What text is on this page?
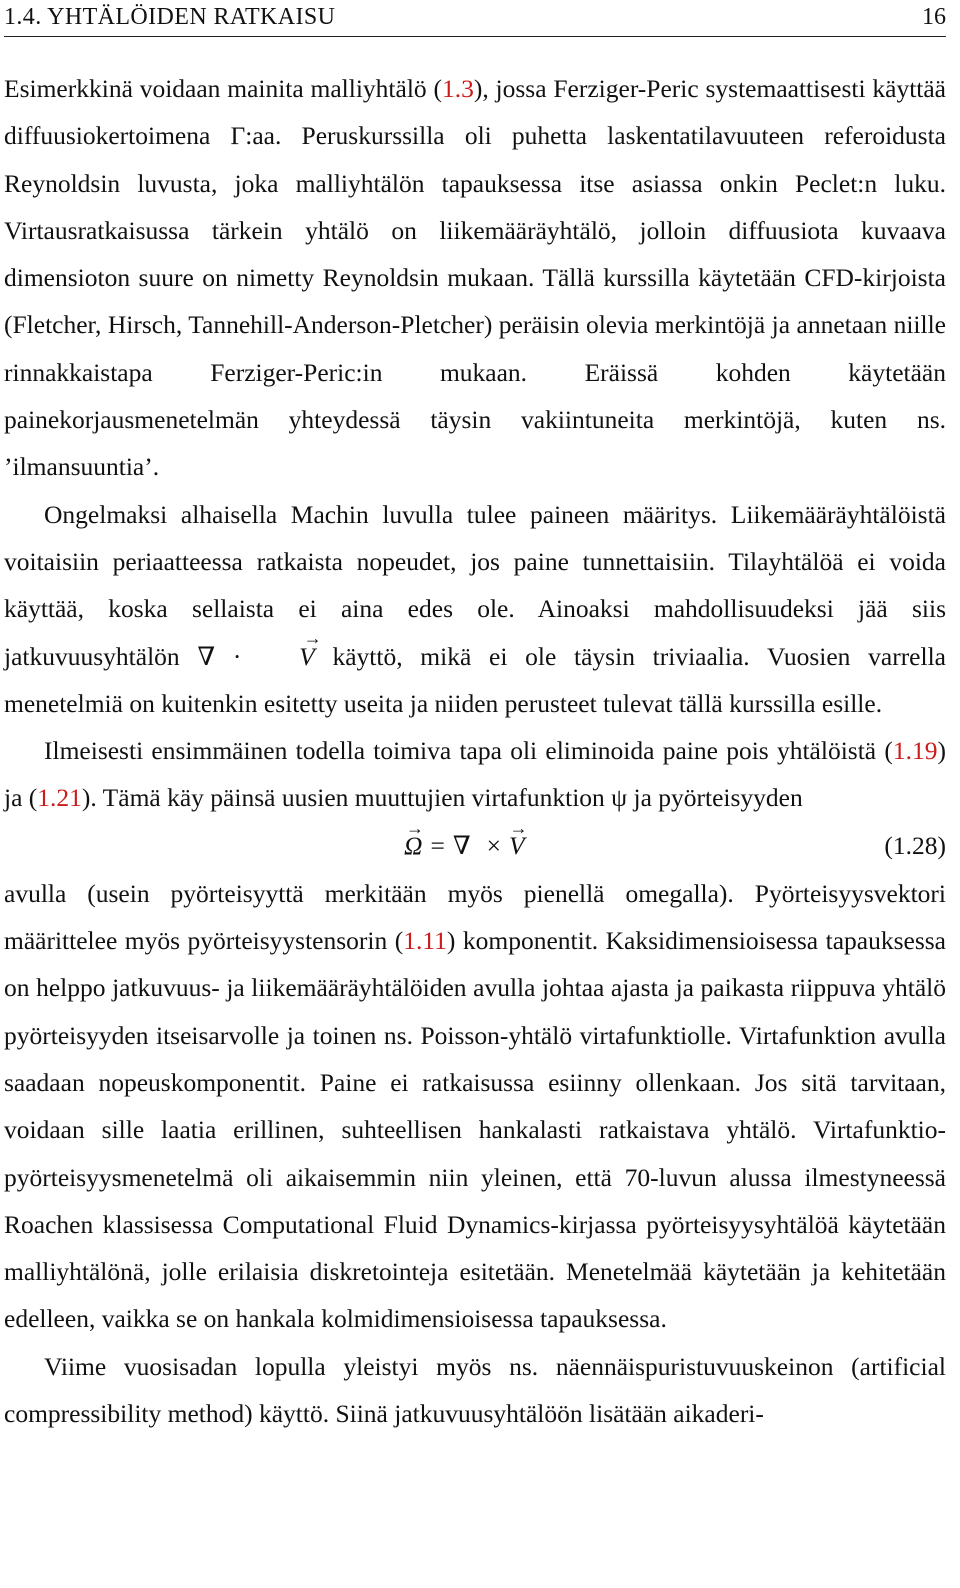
1.4. YHTÄLÖIDEN RATKAISU	16

Esimerkkinä voidaan mainita malliyhtälö (1.3), jossa Ferziger-Peric systemaattisesti käyttää diffuusiokertoimena Γ:aa. Peruskurssilla oli puhetta laskentatilavuuteen referoidusta Reynoldsin luvusta, joka malliyhtälön tapauksessa itse asiassa onkin Peclet:n luku. Virtausratkaisussa tärkein yhtälö on liikemääräyhtälö, jolloin diffuusiota kuvaava dimensioton suure on nimetty Reynoldsin mukaan. Tällä kurssilla käytetään CFD-kirjoista (Fletcher, Hirsch, Tannehill-Anderson-Pletcher) peräisin olevia merkintöjä ja annetaan niille rinnakkaistapa Ferziger-Peric:in mukaan. Eräissä kohden käytetään painekorjausmenetelmän yhteydessä täysin vakiintuneita merkintöjä, kuten ns. ’ilmansuuntia’.

Ongelmaksi alhaisella Machin luvulla tulee paineen määritys. Liikemääräyhtälöistä voitaisiin periaatteessa ratkaista nopeudet, jos paine tunnettaisiin. Tilayhtälöä ei voida käyttää, koska sellaista ei aina edes ole. Ainoaksi mahdollisuudeksi jää siis jatkuvuusyhtälön ∇ · → V käyttö, mikä ei ole täysin triviaalia. Vuosien varrella menetelmiä on kuitenkin esitetty useita ja niiden perusteet tulevat tällä kurssilla esille.

Ilmeisesti ensimmäinen todella toimiva tapa oli eliminoida paine pois yhtälöistä (1.19) ja (1.21). Tämä käy päinsä uusien muuttujien virtafunktion ψ ja pyörteisyyden

→ Ω = ∇ ×→ V	(1.28)

avulla (usein pyörteisyyttä merkitään myös pienellä omegalla). Pyörteisyysvektori määrittelee myös pyörteisyystensorin (1.11) komponentit. Kaksidimensioisessa tapauksessa on helppo jatkuvuus- ja liikemääräyhtälöiden avulla johtaa ajasta ja paikasta riippuva yhtälö pyörteisyyden itseisarvolle ja toinen ns. Poisson-yhtälö virtafunktiolle. Virtafunktion avulla saadaan nopeuskomponentit. Paine ei ratkaisussa esiinny ollenkaan. Jos sitä tarvitaan, voidaan sille laatia erillinen, suhteellisen hankalasti ratkaistava yhtälö. Virtafunktio-pyörteisyysmenetelmä oli aikaisemmin niin yleinen, että 70-luvun alussa ilmestyneessä Roachen klassisessa Computational Fluid Dynamics-kirjassa pyörteisyysyhtälöä käytetään malliyhtälönä, jolle erilaisia diskretointeja esitetään. Menetelmää käytetään ja kehitetään edelleen, vaikka se on hankala kolmidimensioisessa tapauksessa.

Viime vuosisadan lopulla yleistyi myös ns. näennäispuristuvuuskeinon (artificial compressibility method) käyttö. Siinä jatkuvuusyhtälöön lisätään aikaderi-
